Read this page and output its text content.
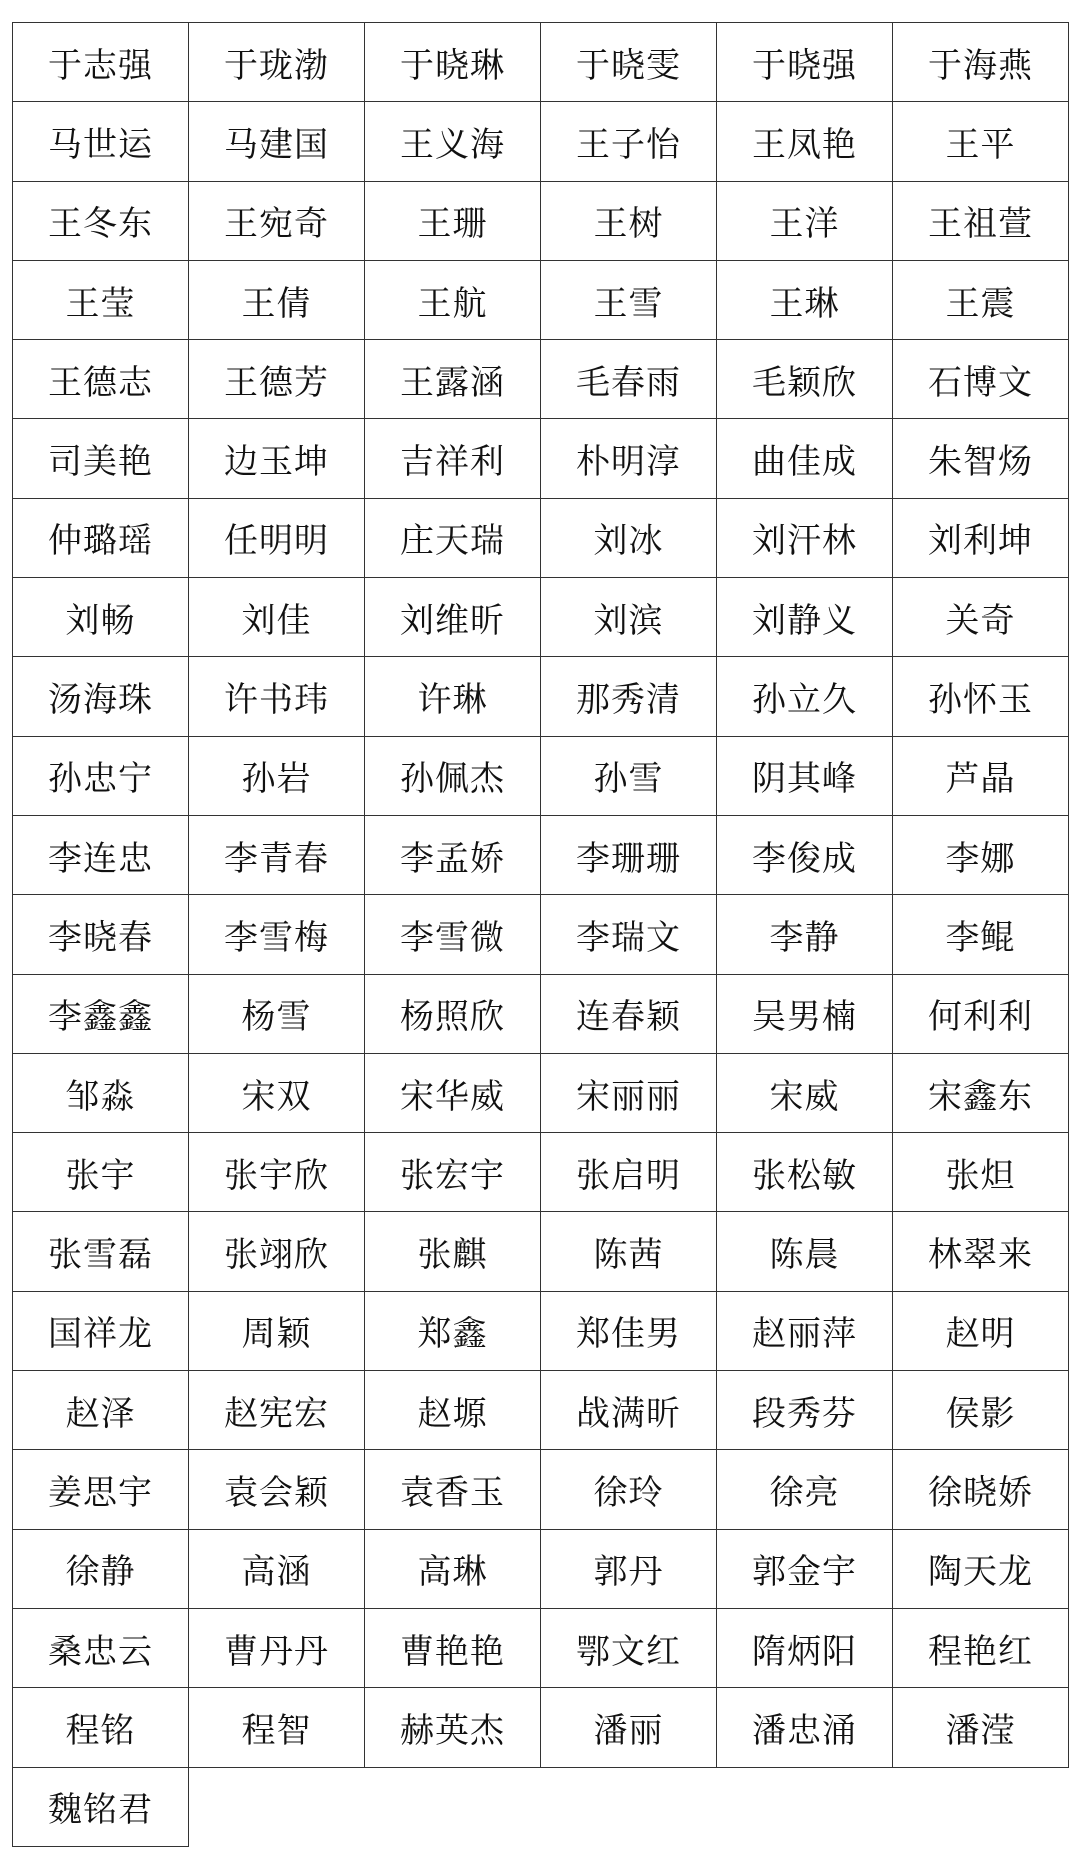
于志强	于珑渤	于晓琳	于晓雯	于晓强	于海燕
马世运	马建国	王义海	王子怡	王凤艳	王平
王冬东	王宛奇	王珊	王树	王洋	王祖萱
王莹	王倩	王航	王雪	王琳	王震
王德志	王德芳	王露涵	毛春雨	毛颖欣	石博文
司美艳	边玉坤	吉祥利	朴明淳	曲佳成	朱智炀
仲璐瑶	任明明	庄天瑞	刘冰	刘汗林	刘利坤
刘畅	刘佳	刘维昕	刘滨	刘静义	关奇
汤海珠	许书玮	许琳	那秀清	孙立久	孙怀玉
孙忠宁	孙岩	孙佩杰	孙雪	阴其峰	芦晶
李连忠	李青春	李孟娇	李珊珊	李俊成	李娜
李晓春	李雪梅	李雪微	李瑞文	李静	李鲲
李鑫鑫	杨雪	杨照欣	连春颖	吴男楠	何利利
邹淼	宋双	宋华威	宋丽丽	宋威	宋鑫东
张宇	张宇欣	张宏宇	张启明	张松敏	张炟
张雪磊	张翊欣	张麒	陈茜	陈晨	林翠来
国祥龙	周颖	郑鑫	郑佳男	赵丽萍	赵明
赵泽	赵宪宏	赵塬	战满昕	段秀芬	侯影
姜思宇	袁会颖	袁香玉	徐玲	徐亮	徐晓娇
徐静	高涵	高琳	郭丹	郭金宇	陶天龙
桑忠云	曹丹丹	曹艳艳	鄂文红	隋炳阳	程艳红
程铭	程智	赫英杰	潘丽	潘忠涌	潘滢
魏铭君					
